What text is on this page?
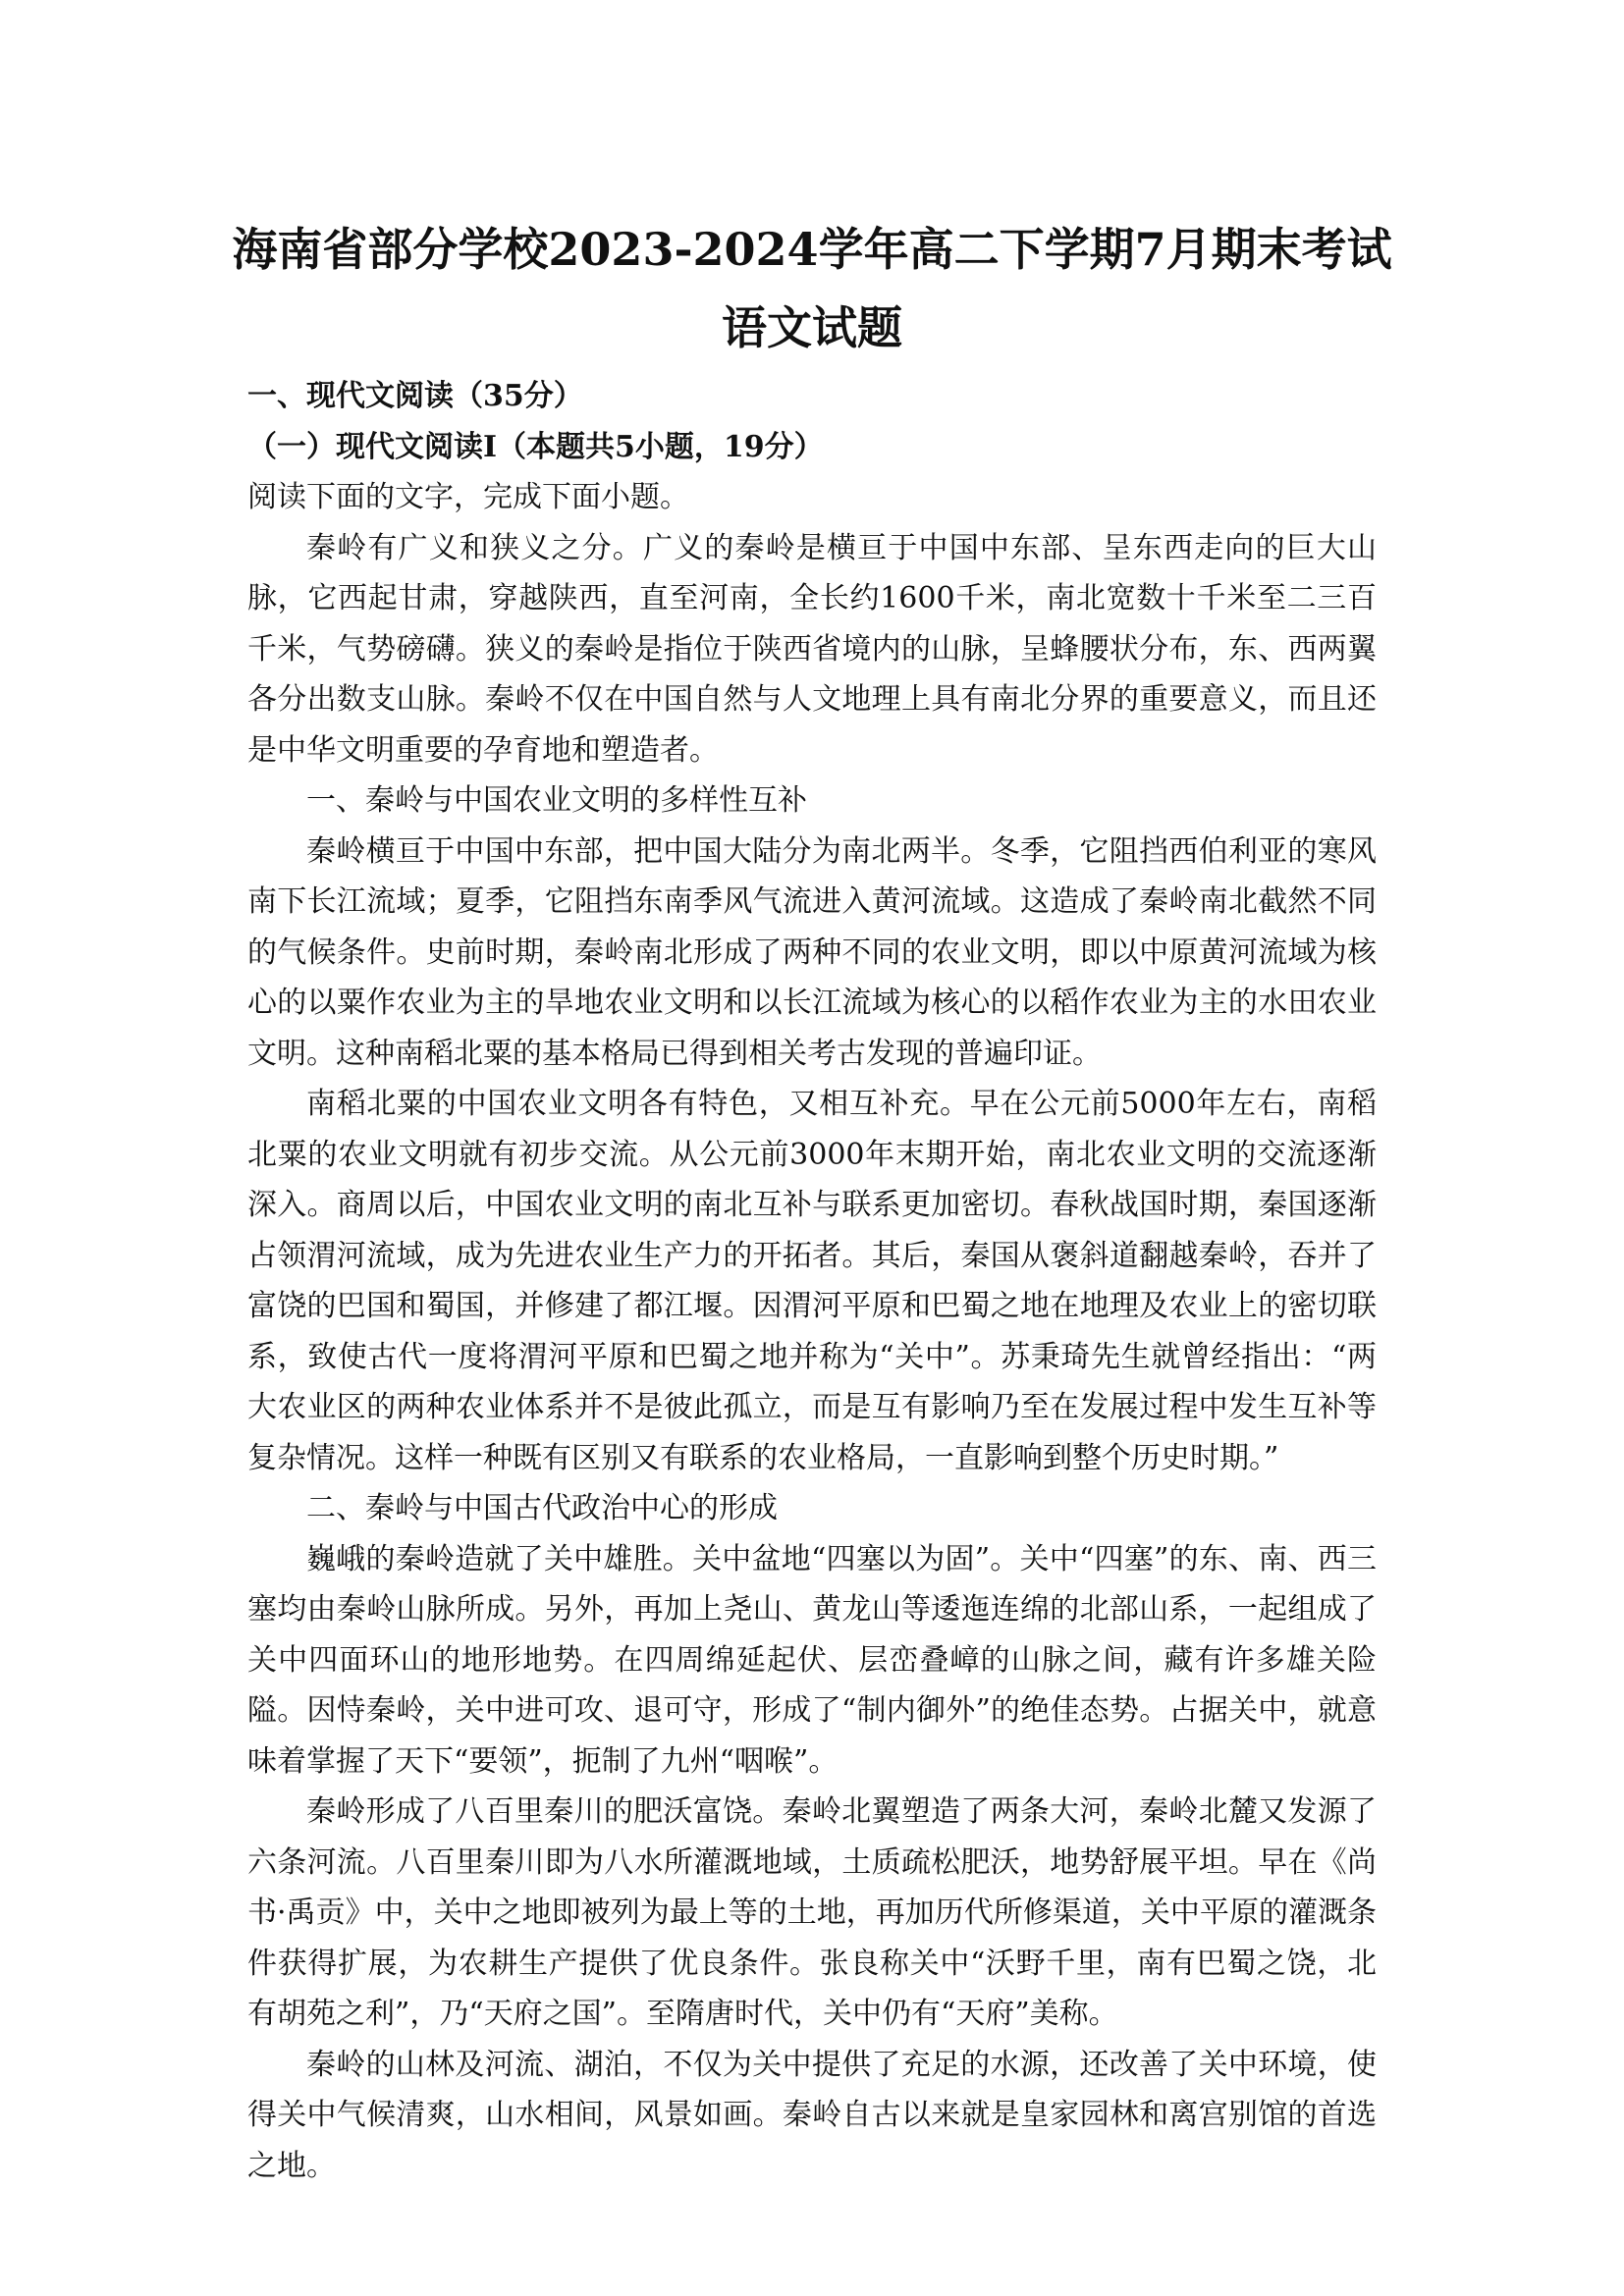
海南省部分学校2023-2024学年高二下学期7月期末考试
语文试题

一、现代文阅读（35分）

（一）现代文阅读Ⅰ（本题共5小题，19分）

阅读下面的文字，完成下面小题。

秦岭有广义和狭义之分。广义的秦岭是横亘于中国中东部、呈东西走向的巨大山脉，它西起甘肃，穿越陕西，直至河南，全长约1600千米，南北宽数十千米至二三百千米，气势磅礴。狭义的秦岭是指位于陕西省境内的山脉，呈蜂腰状分布，东、西两翼各分出数支山脉。秦岭不仅在中国自然与人文地理上具有南北分界的重要意义，而且还是中华文明重要的孕育地和塑造者。

一、秦岭与中国农业文明的多样性互补

秦岭横亘于中国中东部，把中国大陆分为南北两半。冬季，它阻挡西伯利亚的寒风南下长江流域；夏季，它阻挡东南季风气流进入黄河流域。这造成了秦岭南北截然不同的气候条件。史前时期，秦岭南北形成了两种不同的农业文明，即以中原黄河流域为核心的以粟作农业为主的旱地农业文明和以长江流域为核心的以稻作农业为主的水田农业文明。这种南稻北粟的基本格局已得到相关考古发现的普遍印证。

南稻北粟的中国农业文明各有特色，又相互补充。早在公元前5000年左右，南稻北粟的农业文明就有初步交流。从公元前3000年末期开始，南北农业文明的交流逐渐深入。商周以后，中国农业文明的南北互补与联系更加密切。春秋战国时期，秦国逐渐占领渭河流域，成为先进农业生产力的开拓者。其后，秦国从褒斜道翻越秦岭，吞并了富饶的巴国和蜀国，并修建了都江堰。因渭河平原和巴蜀之地在地理及农业上的密切联系，致使古代一度将渭河平原和巴蜀之地并称为“关中”。苏秉琦先生就曾经指出：“两大农业区的两种农业体系并不是彼此孤立，而是互有影响乃至在发展过程中发生互补等复杂情况。这样一种既有区别又有联系的农业格局，一直影响到整个历史时期。”

二、秦岭与中国古代政治中心的形成

巍峨的秦岭造就了关中雄胜。关中盆地“四塞以为固”。关中“四塞”的东、南、西三塞均由秦岭山脉所成。另外，再加上尧山、黄龙山等逶迤连绵的北部山系，一起组成了关中四面环山的地形地势。在四周绵延起伏、层峦叠嶂的山脉之间，藏有许多雄关险隘。因恃秦岭，关中进可攻、退可守，形成了“制内御外”的绝佳态势。占据关中，就意味着掌握了天下“要领”，扼制了九州“咽喉”。

秦岭形成了八百里秦川的肥沃富饶。秦岭北翼塑造了两条大河，秦岭北麓又发源了六条河流。八百里秦川即为八水所灌溉地域，土质疏松肥沃，地势舒展平坦。早在《尚书·禹贡》中，关中之地即被列为最上等的土地，再加历代所修渠道，关中平原的灌溉条件获得扩展，为农耕生产提供了优良条件。张良称关中“沃野千里，南有巴蜀之饶，北有胡苑之利”，乃“天府之国”。至隋唐时代，关中仍有“天府”美称。

秦岭的山林及河流、湖泊，不仅为关中提供了充足的水源，还改善了关中环境，使得关中气候清爽，山水相间，风景如画。秦岭自古以来就是皇家园林和离宫别馆的首选之地。
